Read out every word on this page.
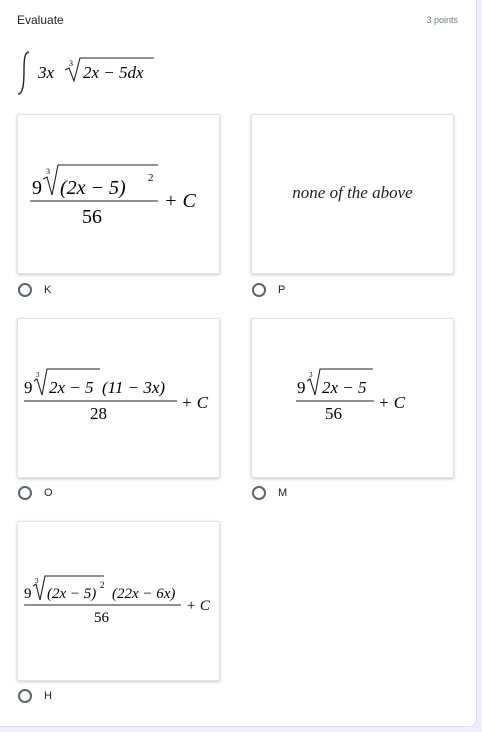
Evaluate	3 points
3x 3 2x − 5dx
9
3
(2x − 5) 2
56
+ C
K
none of the above
P
9
3
2x − 5 (11 − 3x)
28
+ C
O
9
3
2x − 5
56
+ C
M
9
3
(2x − 5)
2
(22x − 6x)
56
+ C
H
